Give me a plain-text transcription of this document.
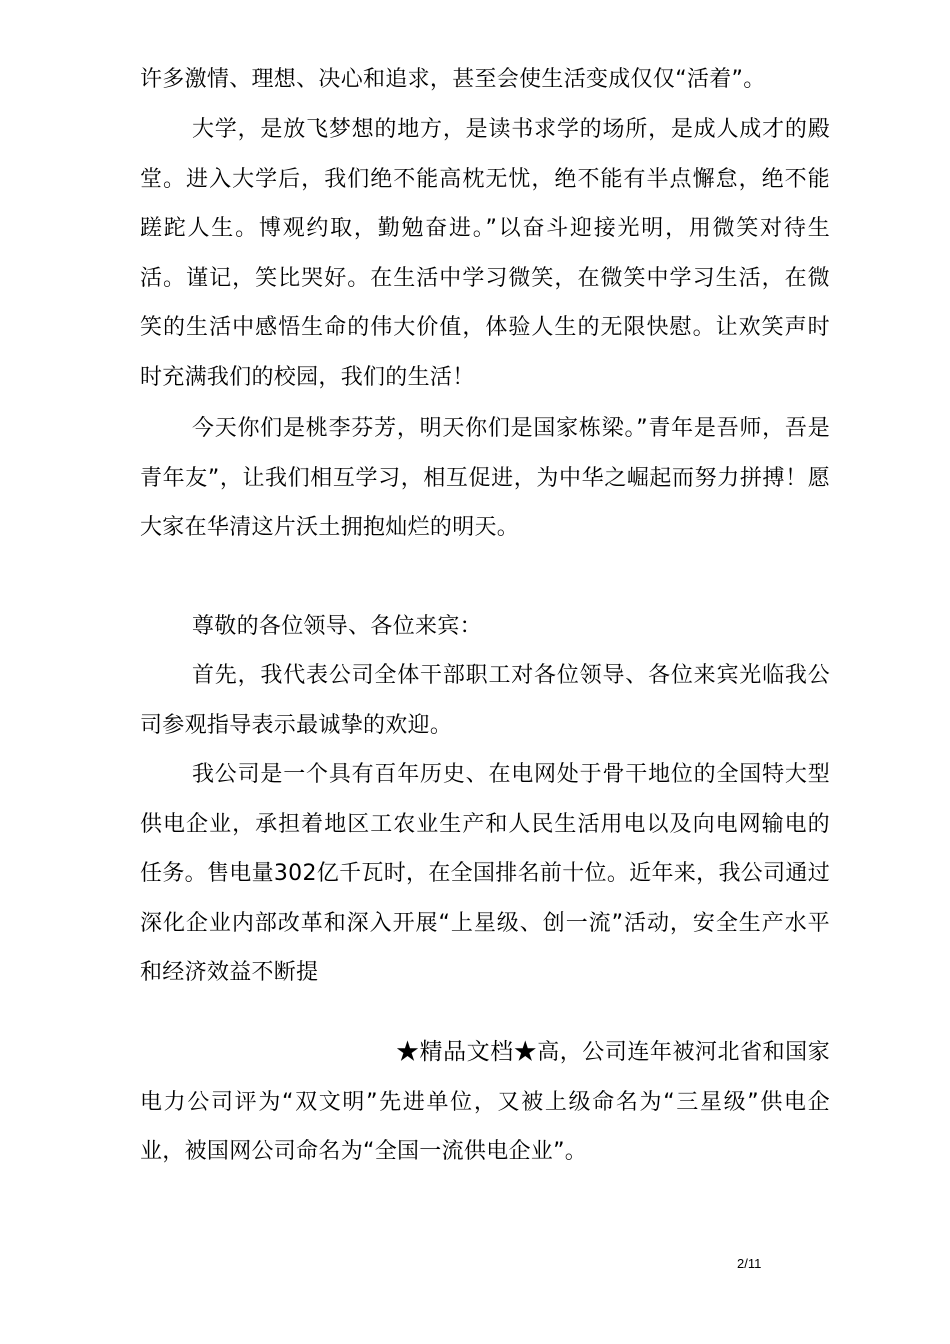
许多激情、理想、决心和追求，甚至会使生活变成仅仅“活着”。

大学，是放飞梦想的地方，是读书求学的场所，是成人成才的殿堂。进入大学后，我们绝不能高枕无忧，绝不能有半点懈怠，绝不能蹉跎人生。博观约取，勤勉奋进。”以奋斗迎接光明，用微笑对待生活。谨记，笑比哭好。在生活中学习微笑，在微笑中学习生活，在微笑的生活中感悟生命的伟大价值，体验人生的无限快慰。让欢笑声时时充满我们的校园，我们的生活！

今天你们是桃李芬芳，明天你们是国家栋梁。”青年是吾师，吾是青年友”，让我们相互学习，相互促进，为中华之崛起而努力拼搏！愿大家在华清这片沃土拥抱灿烂的明天。

尊敬的各位领导、各位来宾：

首先，我代表公司全体干部职工对各位领导、各位来宾光临我公司参观指导表示最诚挚的欢迎。

我公司是一个具有百年历史、在电网处于骨干地位的全国特大型供电企业，承担着地区工农业生产和人民生活用电以及向电网输电的任务。售电量302亿千瓦时，在全国排名前十位。近年来，我公司通过深化企业内部改革和深入开展“上星级、创一流”活动，安全生产水平和经济效益不断提

★精品文档★高，公司连年被河北省和国家电力公司评为“双文明”先进单位，又被上级命名为“三星级”供电企业，被国网公司命名为“全国一流供电企业”。

2/11
